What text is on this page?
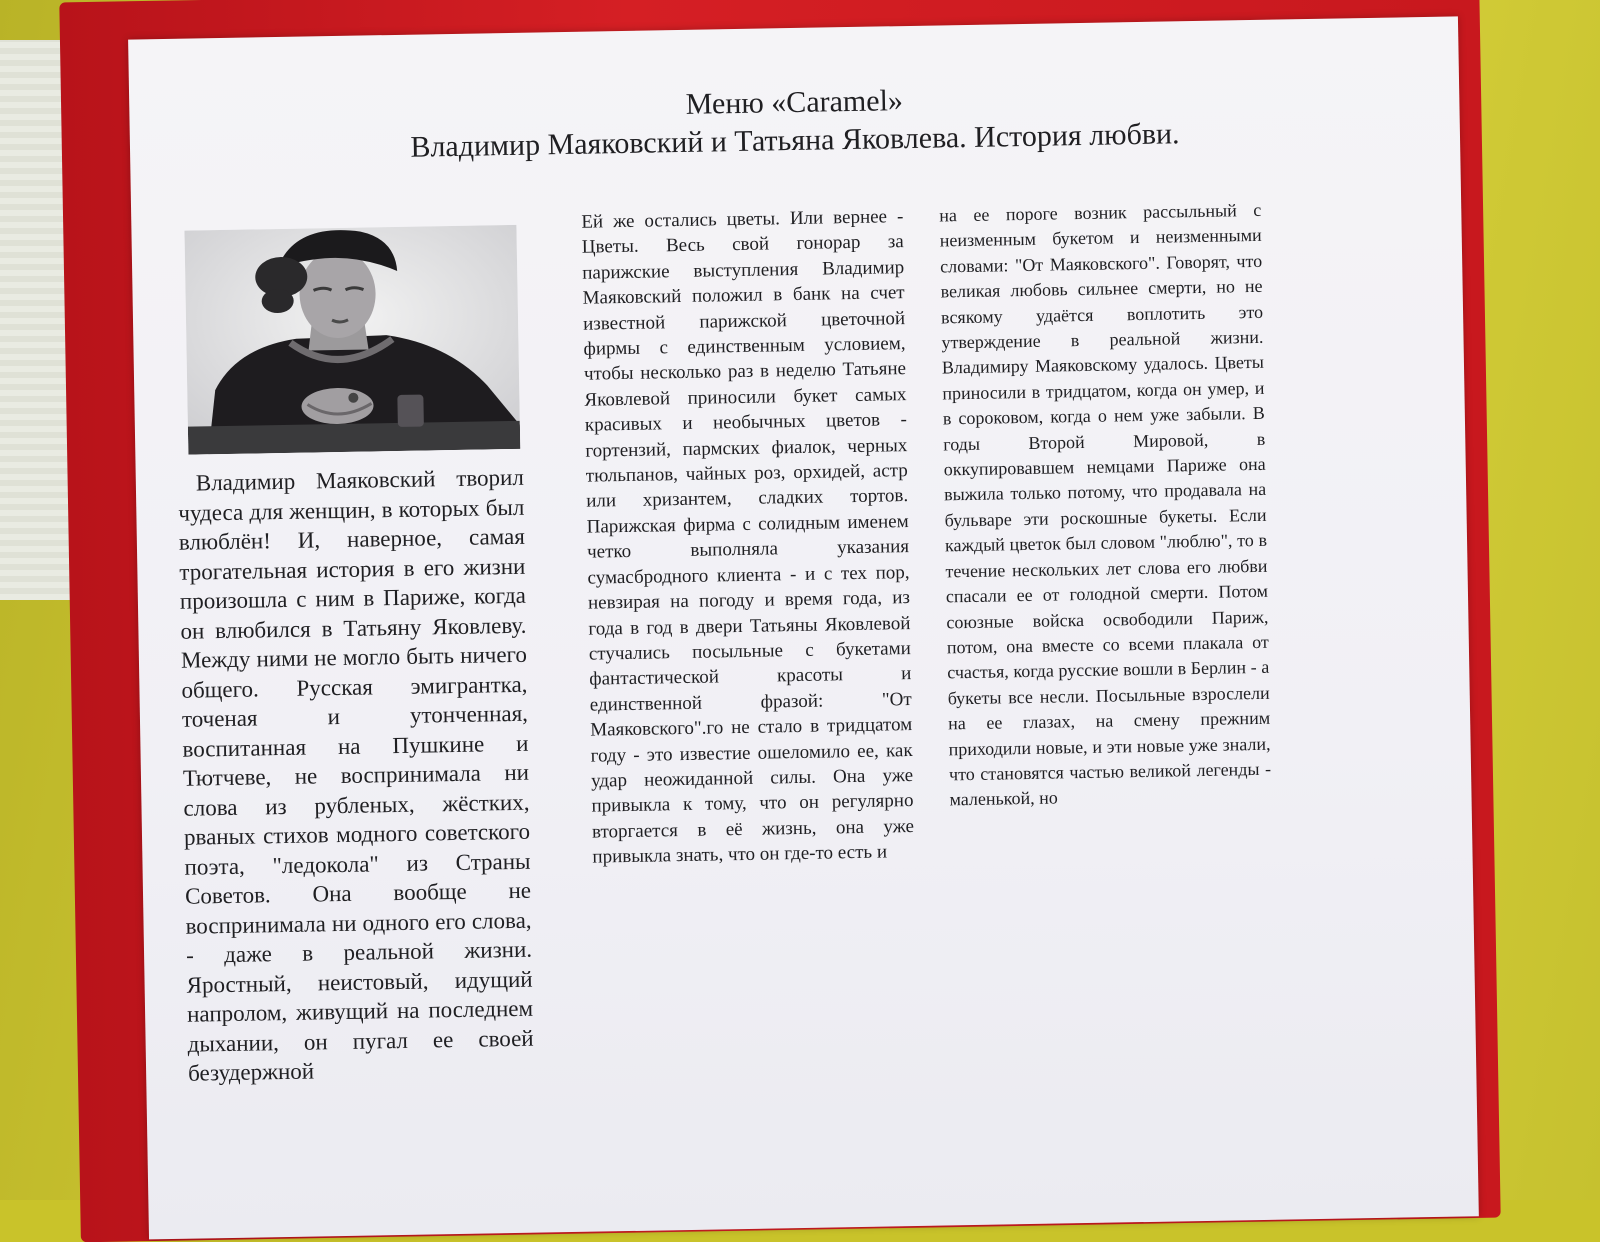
Меню «Caramel»
Владимир Маяковский и Татьяна Яковлева. История любви.

Владимир Маяковский творил чудеса для женщин, в которых был влюблён! И, наверное, самая трогательная история в его жизни произошла с ним в Париже, когда он влюбился в Татьяну Яковлеву. Между ними не могло быть ничего общего. Русская эмигрантка, точеная и утонченная, воспитанная на Пушкине и Тютчеве, не воспринимала ни слова из рубленых, жёстких, рваных стихов модного советского поэта, "ледокола" из Страны Советов. Она вообще не воспринимала ни одного его слова, - даже в реальной жизни. Яростный, неистовый, идущий напролом, живущий на последнем дыхании, он пугал ее своей безудержной

Ей же остались цветы. Или вернее - Цветы. Весь свой гонорар за парижские выступления Владимир Маяковский положил в банк на счет известной парижской цветочной фирмы с единственным условием, чтобы несколько раз в неделю Татьяне Яковлевой приносили букет самых красивых и необычных цветов - гортензий, пармских фиалок, черных тюльпанов, чайных роз, орхидей, астр или хризантем, сладких тортов. Парижская фирма с солидным именем четко выполняла указания сумасбродного клиента - и с тех пор, невзирая на погоду и время года, из года в год в двери Татьяны Яковлевой стучались посыльные с букетами фантастической красоты и единственной фразой: "От Маяковского".го не стало в тридцатом году - это известие ошеломило ее, как удар неожиданной силы. Она уже привыкла к тому, что он регулярно вторгается в её жизнь, она уже привыкла знать, что он где-то есть и

на ее пороге возник рассыльный с неизменным букетом и неизменными словами: "От Маяковского". Говорят, что великая любовь сильнее смерти, но не всякому удаётся воплотить это утверждение в реальной жизни. Владимиру Маяковскому удалось. Цветы приносили в тридцатом, когда он умер, и в сороковом, когда о нем уже забыли. В годы Второй Мировой, в оккупировавшем немцами Париже она выжила только потому, что продавала на бульваре эти роскошные букеты. Если каждый цветок был словом "люблю", то в течение нескольких лет слова его любви спасали ее от голодной смерти. Потом союзные войска освободили Париж, потом, она вместе со всеми плакала от счастья, когда русские вошли в Берлин - а букеты все несли. Посыльные взрослели на ее глазах, на смену прежним приходили новые, и эти новые уже знали, что становятся частью великой легенды - маленькой, но
